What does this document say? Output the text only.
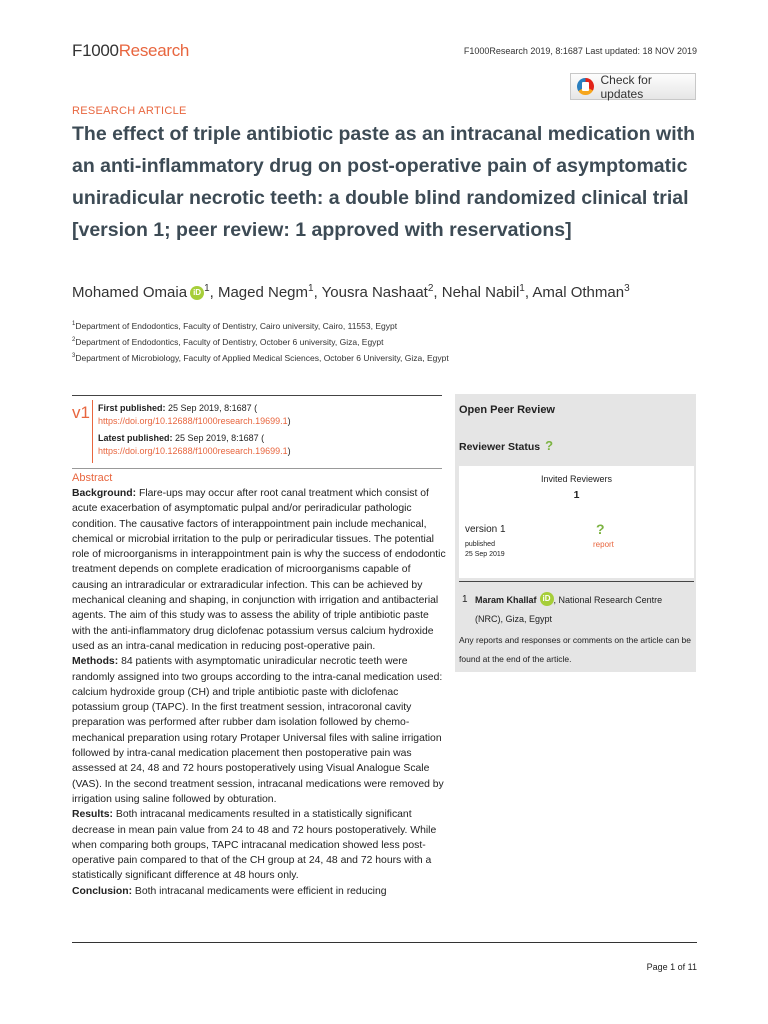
F1000Research	F1000Research 2019, 8:1687 Last updated: 18 NOV 2019
Check for updates
RESEARCH ARTICLE
The effect of triple antibiotic paste as an intracanal medication with an anti-inflammatory drug on post-operative pain of asymptomatic uniradicular necrotic teeth: a double blind randomized clinical trial [version 1; peer review: 1 approved with reservations]
Mohamed Omaia iD $^1$, Maged Negm$^1$, Yousra Nashaat$^2$, Nehal Nabil$^1$, Amal Othman$^3$
$^1$Department of Endodontics, Faculty of Dentistry, Cairo university, Cairo, 11553, Egypt
$^2$Department of Endodontics, Faculty of Dentistry, October 6 university, Giza, Egypt
$^3$Department of Microbiology, Faculty of Applied Medical Sciences, October 6 University, Giza, Egypt
v1 First published: 25 Sep 2019, 8:1687 (
https://doi.org/10.12688/f1000research.19699.1)
Latest published: 25 Sep 2019, 8:1687 (
https://doi.org/10.12688/f1000research.19699.1)
Abstract

Background: Flare-ups may occur after root canal treatment which consist of acute exacerbation of asymptomatic pulpal and/or periradicular pathologic condition. The causative factors of interappointment pain include mechanical, chemical or microbial irritation to the pulp or periradicular tissues. The potential role of microorganisms in interappointment pain is why the success of endodontic treatment depends on complete eradication of microorganisms capable of causing an intraradicular or extraradicular infection. This can be achieved by mechanical cleaning and shaping, in conjunction with irrigation and antibacterial agents. The aim of this study was to assess the ability of triple antibiotic paste with the anti-inflammatory drug diclofenac potassium versus calcium hydroxide used as an intra-canal medication in reducing post-operative pain.

Methods: 84 patients with asymptomatic uniradicular necrotic teeth were randomly assigned into two groups according to the intra-canal medication used: calcium hydroxide group (CH) and triple antibiotic paste with diclofenac potassium group (TAPC). In the first treatment session, intracoronal cavity preparation was performed after rubber dam isolation followed by chemo-mechanical preparation using rotary Protaper Universal files with saline irrigation followed by intra-canal medication placement then postoperative pain was assessed at 24, 48 and 72 hours postoperatively using Visual Analogue Scale (VAS). In the second treatment session, intracanal medications were removed by irrigation using saline followed by obturation.

Results: Both intracanal medicaments resulted in a statistically significant decrease in mean pain value from 24 to 48 and 72 hours postoperatively. While when comparing both groups, TAPC intracanal medication showed less post-operative pain compared to that of the CH group at 24, 48 and 72 hours with a statistically significant difference at 48 hours only.

Conclusion: Both intracanal medicaments were efficient in reducing

Open Peer Review
Reviewer Status ?
Invited Reviewers
1
version 1
published
25 Sep 2019
?
report
1 Maram Khallaf iD , National Research Centre (NRC), Giza, Egypt
Any reports and responses or comments on the article can be found at the end of the article.
Page 1 of 11
